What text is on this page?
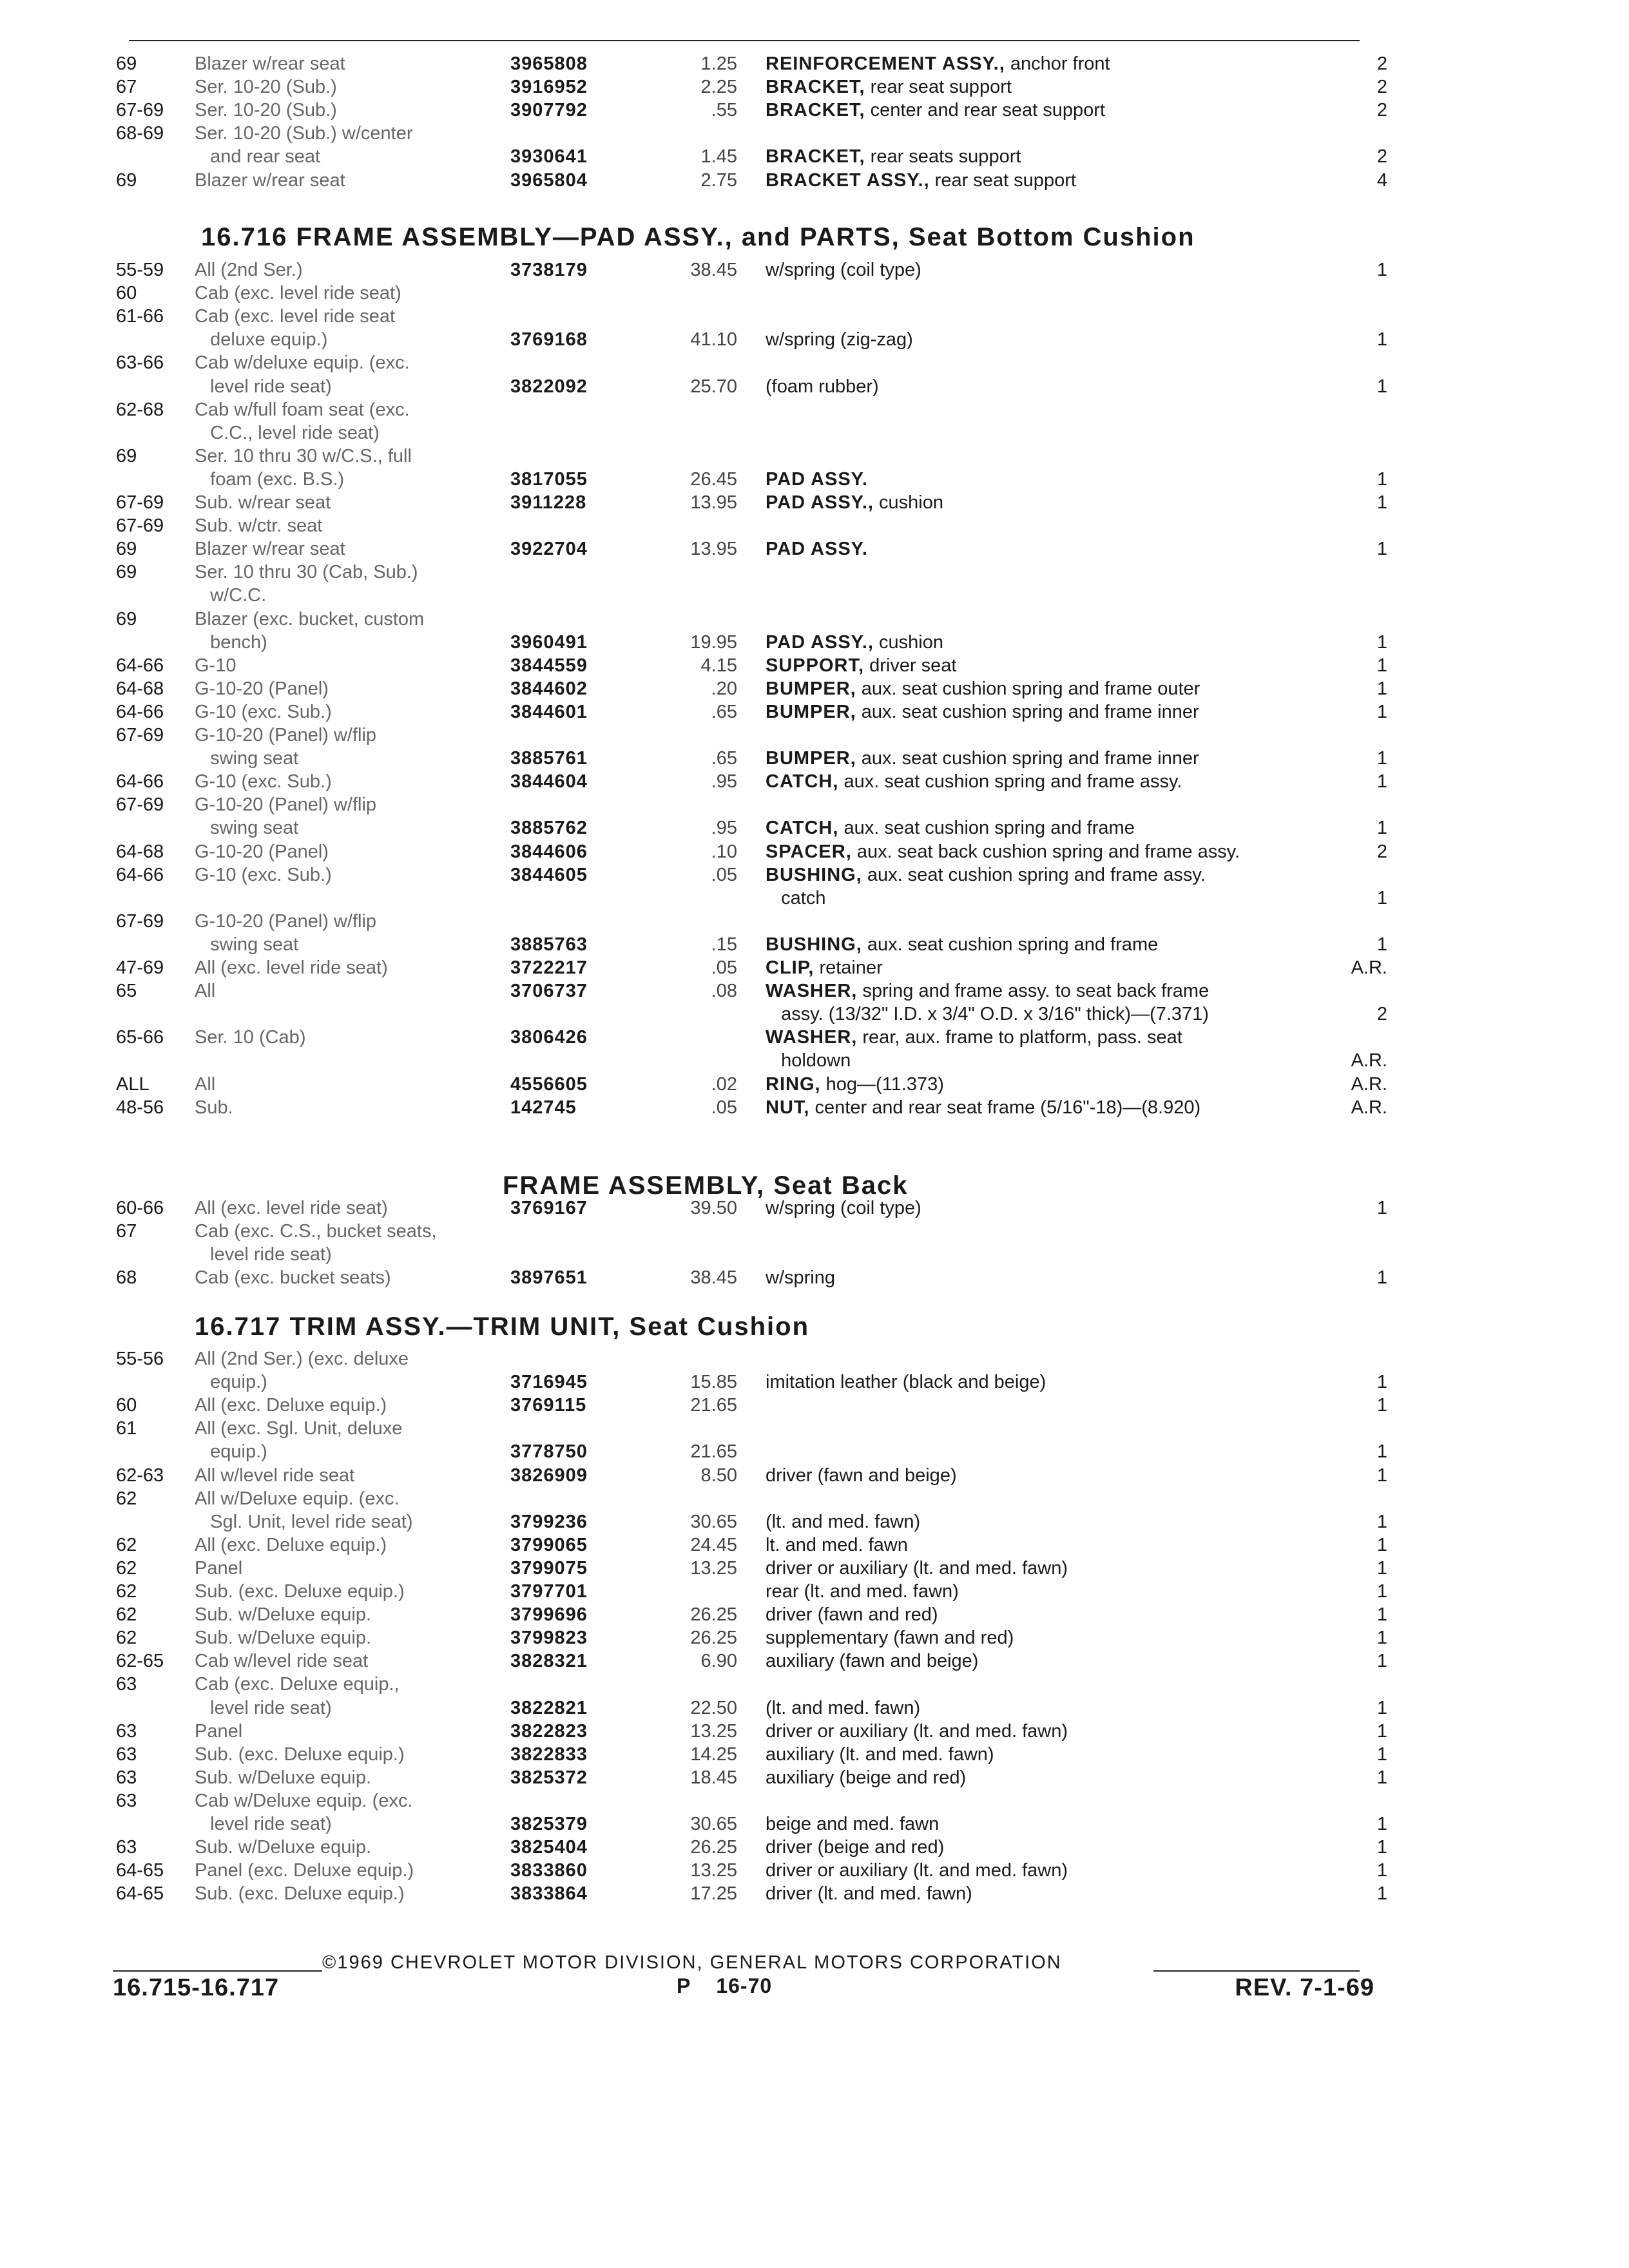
69	Blazer w/rear seat	3965808	1.25 REINFORCEMENT ASSY., anchor front	2
67	Ser. 10-20 (Sub.)	3916952	2.25 BRACKET, rear seat support	2
67-69	Ser. 10-20 (Sub.)	3907792	.55 BRACKET, center and rear seat support	2
68-69	Ser. 10-20 (Sub.) w/center
and rear seat	3930641	1.45 BRACKET, rear seats support	2
69	Blazer w/rear seat	3965804	2.75 BRACKET ASSY., rear seat support	4
16.716 FRAME ASSEMBLY—PAD ASSY., and PARTS, Seat Bottom Cushion
55-59	All (2nd Ser.)	3738179	38.45 w/spring (coil type)	1
60	Cab (exc. level ride seat)
61-66	Cab (exc. level ride seat
deluxe equip.)	3769168	41.10 w/spring (zig-zag)	1
63-66	Cab w/deluxe equip. (exc.
level ride seat)	3822092	25.70 (foam rubber)	1
62-68	Cab w/full foam seat (exc.
C.C., level ride seat)
69	Ser. 10 thru 30 w/C.S., full
foam (exc. B.S.)	3817055	26.45 PAD ASSY.	1
67-69	Sub. w/rear seat	3911228	13.95 PAD ASSY., cushion	1
67-69	Sub. w/ctr. seat
69	Blazer w/rear seat	3922704	13.95 PAD ASSY.	1
69	Ser. 10 thru 30 (Cab, Sub.)
w/C.C.
69	Blazer (exc. bucket, custom
bench)	3960491	19.95 PAD ASSY., cushion	1
64-66	G-10	3844559	4.15 SUPPORT, driver seat	1
64-68	G-10-20 (Panel)	3844602	.20 BUMPER, aux. seat cushion spring and frame outer	1
64-66	G-10 (exc. Sub.)	3844601	.65 BUMPER, aux. seat cushion spring and frame inner	1
67-69	G-10-20 (Panel) w/flip
swing seat	3885761	.65 BUMPER, aux. seat cushion spring and frame inner	1
64-66	G-10 (exc. Sub.)	3844604	.95 CATCH, aux. seat cushion spring and frame assy.	1
67-69	G-10-20 (Panel) w/flip
swing seat	3885762	.95 CATCH, aux. seat cushion spring and frame	1
64-68	G-10-20 (Panel)	3844606	.10 SPACER, aux. seat back cushion spring and frame assy.	2
64-66	G-10 (exc. Sub.)	3844605	.05 BUSHING, aux. seat cushion spring and frame assy.
catch	1
67-69	G-10-20 (Panel) w/flip
swing seat	3885763	.15 BUSHING, aux. seat cushion spring and frame	1
47-69	All (exc. level ride seat)	3722217	.05 CLIP, retainer	A.R.
65	All	3706737	.08 WASHER, spring and frame assy. to seat back frame
assy. (13/32" I.D. x 3/4" O.D. x 3/16" thick)—(7.371)	2
65-66	Ser. 10 (Cab)	3806426	WASHER, rear, aux. frame to platform, pass. seat
holdown	A.R.
ALL	All	4556605	.02 RING, hog—(11.373)	A.R.
48-56	Sub.	142745	.05 NUT, center and rear seat frame (5/16"-18)—(8.920)	A.R.
FRAME ASSEMBLY, Seat Back
60-66	All (exc. level ride seat)	3769167	39.50 w/spring (coil type)	1
67	Cab (exc. C.S., bucket seats,
level ride seat)
68	Cab (exc. bucket seats)	3897651	38.45 w/spring	1
16.717 TRIM ASSY.—TRIM UNIT, Seat Cushion
55-56	All (2nd Ser.) (exc. deluxe
equip.)	3716945	15.85 imitation leather (black and beige)	1
60	All (exc. Deluxe equip.)	3769115	21.65	1
61	All (exc. Sgl. Unit, deluxe
equip.)	3778750	21.65	1
62-63	All w/level ride seat	3826909	8.50 driver (fawn and beige)	1
62	All w/Deluxe equip. (exc.
Sgl. Unit, level ride seat)	3799236	30.65 (lt. and med. fawn)	1
62	All (exc. Deluxe equip.)	3799065	24.45 lt. and med. fawn	1
62	Panel	3799075	13.25 driver or auxiliary (lt. and med. fawn)	1
62	Sub. (exc. Deluxe equip.)	3797701	rear (lt. and med. fawn)	1
62	Sub. w/Deluxe equip.	3799696	26.25 driver (fawn and red)	1
62	Sub. w/Deluxe equip.	3799823	26.25 supplementary (fawn and red)	1
62-65	Cab w/level ride seat	3828321	6.90 auxiliary (fawn and beige)	1
63	Cab (exc. Deluxe equip.,
level ride seat)	3822821	22.50 (lt. and med. fawn)	1
63	Panel	3822823	13.25 driver or auxiliary (lt. and med. fawn)	1
63	Sub. (exc. Deluxe equip.)	3822833	14.25 auxiliary (lt. and med. fawn)	1
63	Sub. w/Deluxe equip.	3825372	18.45 auxiliary (beige and red)	1
63	Cab w/Deluxe equip. (exc.
level ride seat)	3825379	30.65 beige and med. fawn	1
63	Sub. w/Deluxe equip.	3825404	26.25 driver (beige and red)	1
64-65	Panel (exc. Deluxe equip.)	3833860	13.25 driver or auxiliary (lt. and med. fawn)	1
64-65	Sub. (exc. Deluxe equip.)	3833864	17.25 driver (lt. and med. fawn)	1
©1969 CHEVROLET MOTOR DIVISION, GENERAL MOTORS CORPORATION
16.715-16.717	P    16-70	REV. 7-1-69
